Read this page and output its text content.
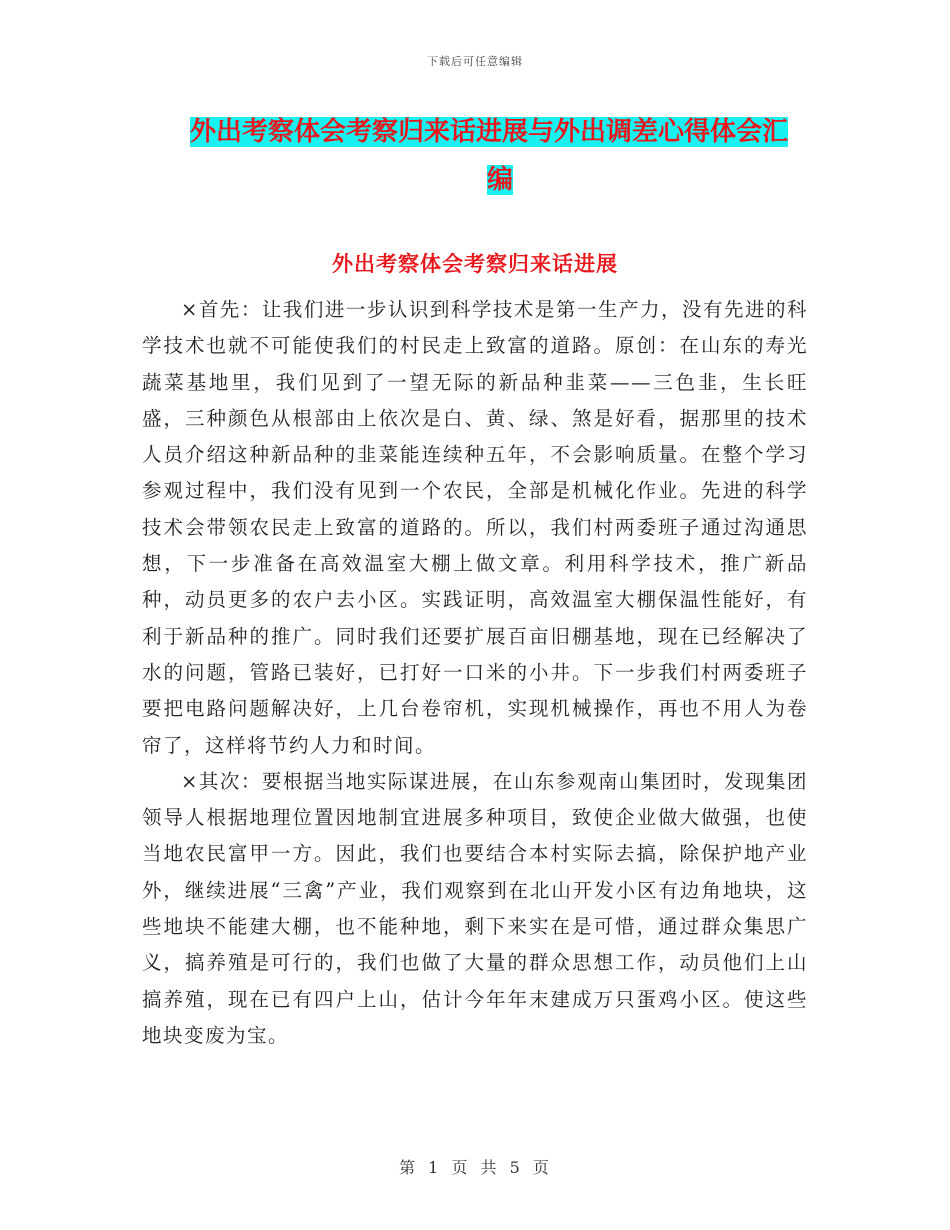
下载后可任意编辑
外出考察体会考察归来话进展与外出调差心得体会汇
编
外出考察体会考察归来话进展

×首先：让我们进一步认识到科学技术是第一生产力，没有先进的科学技术也就不可能使我们的村民走上致富的道路。原创：在山东的寿光蔬菜基地里，我们见到了一望无际的新品种韭菜——三色韭，生长旺盛，三种颜色从根部由上依次是白、黄、绿、煞是好看，据那里的技术人员介绍这种新品种的韭菜能连续种五年，不会影响质量。在整个学习参观过程中，我们没有见到一个农民，全部是机械化作业。先进的科学技术会带领农民走上致富的道路的。所以，我们村两委班子通过沟通思想，下一步准备在高效温室大棚上做文章。利用科学技术，推广新品种，动员更多的农户去小区。实践证明，高效温室大棚保温性能好，有利于新品种的推广。同时我们还要扩展百亩旧棚基地，现在已经解决了水的问题，管路已装好，已打好一口米的小井。下一步我们村两委班子要把电路问题解决好，上几台卷帘机，实现机械操作，再也不用人为卷帘了，这样将节约人力和时间。

×其次：要根据当地实际谋进展，在山东参观南山集团时，发现集团领导人根据地理位置因地制宜进展多种项目，致使企业做大做强，也使当地农民富甲一方。因此，我们也要结合本村实际去搞，除保护地产业外，继续进展“三禽”产业，我们观察到在北山开发小区有边角地块，这些地块不能建大棚，也不能种地，剩下来实在是可惜，通过群众集思广义，搞养殖是可行的，我们也做了大量的群众思想工作，动员他们上山搞养殖，现在已有四户上山，估计今年年末建成万只蛋鸡小区。使这些地块变废为宝。

第 1 页 共 5 页
